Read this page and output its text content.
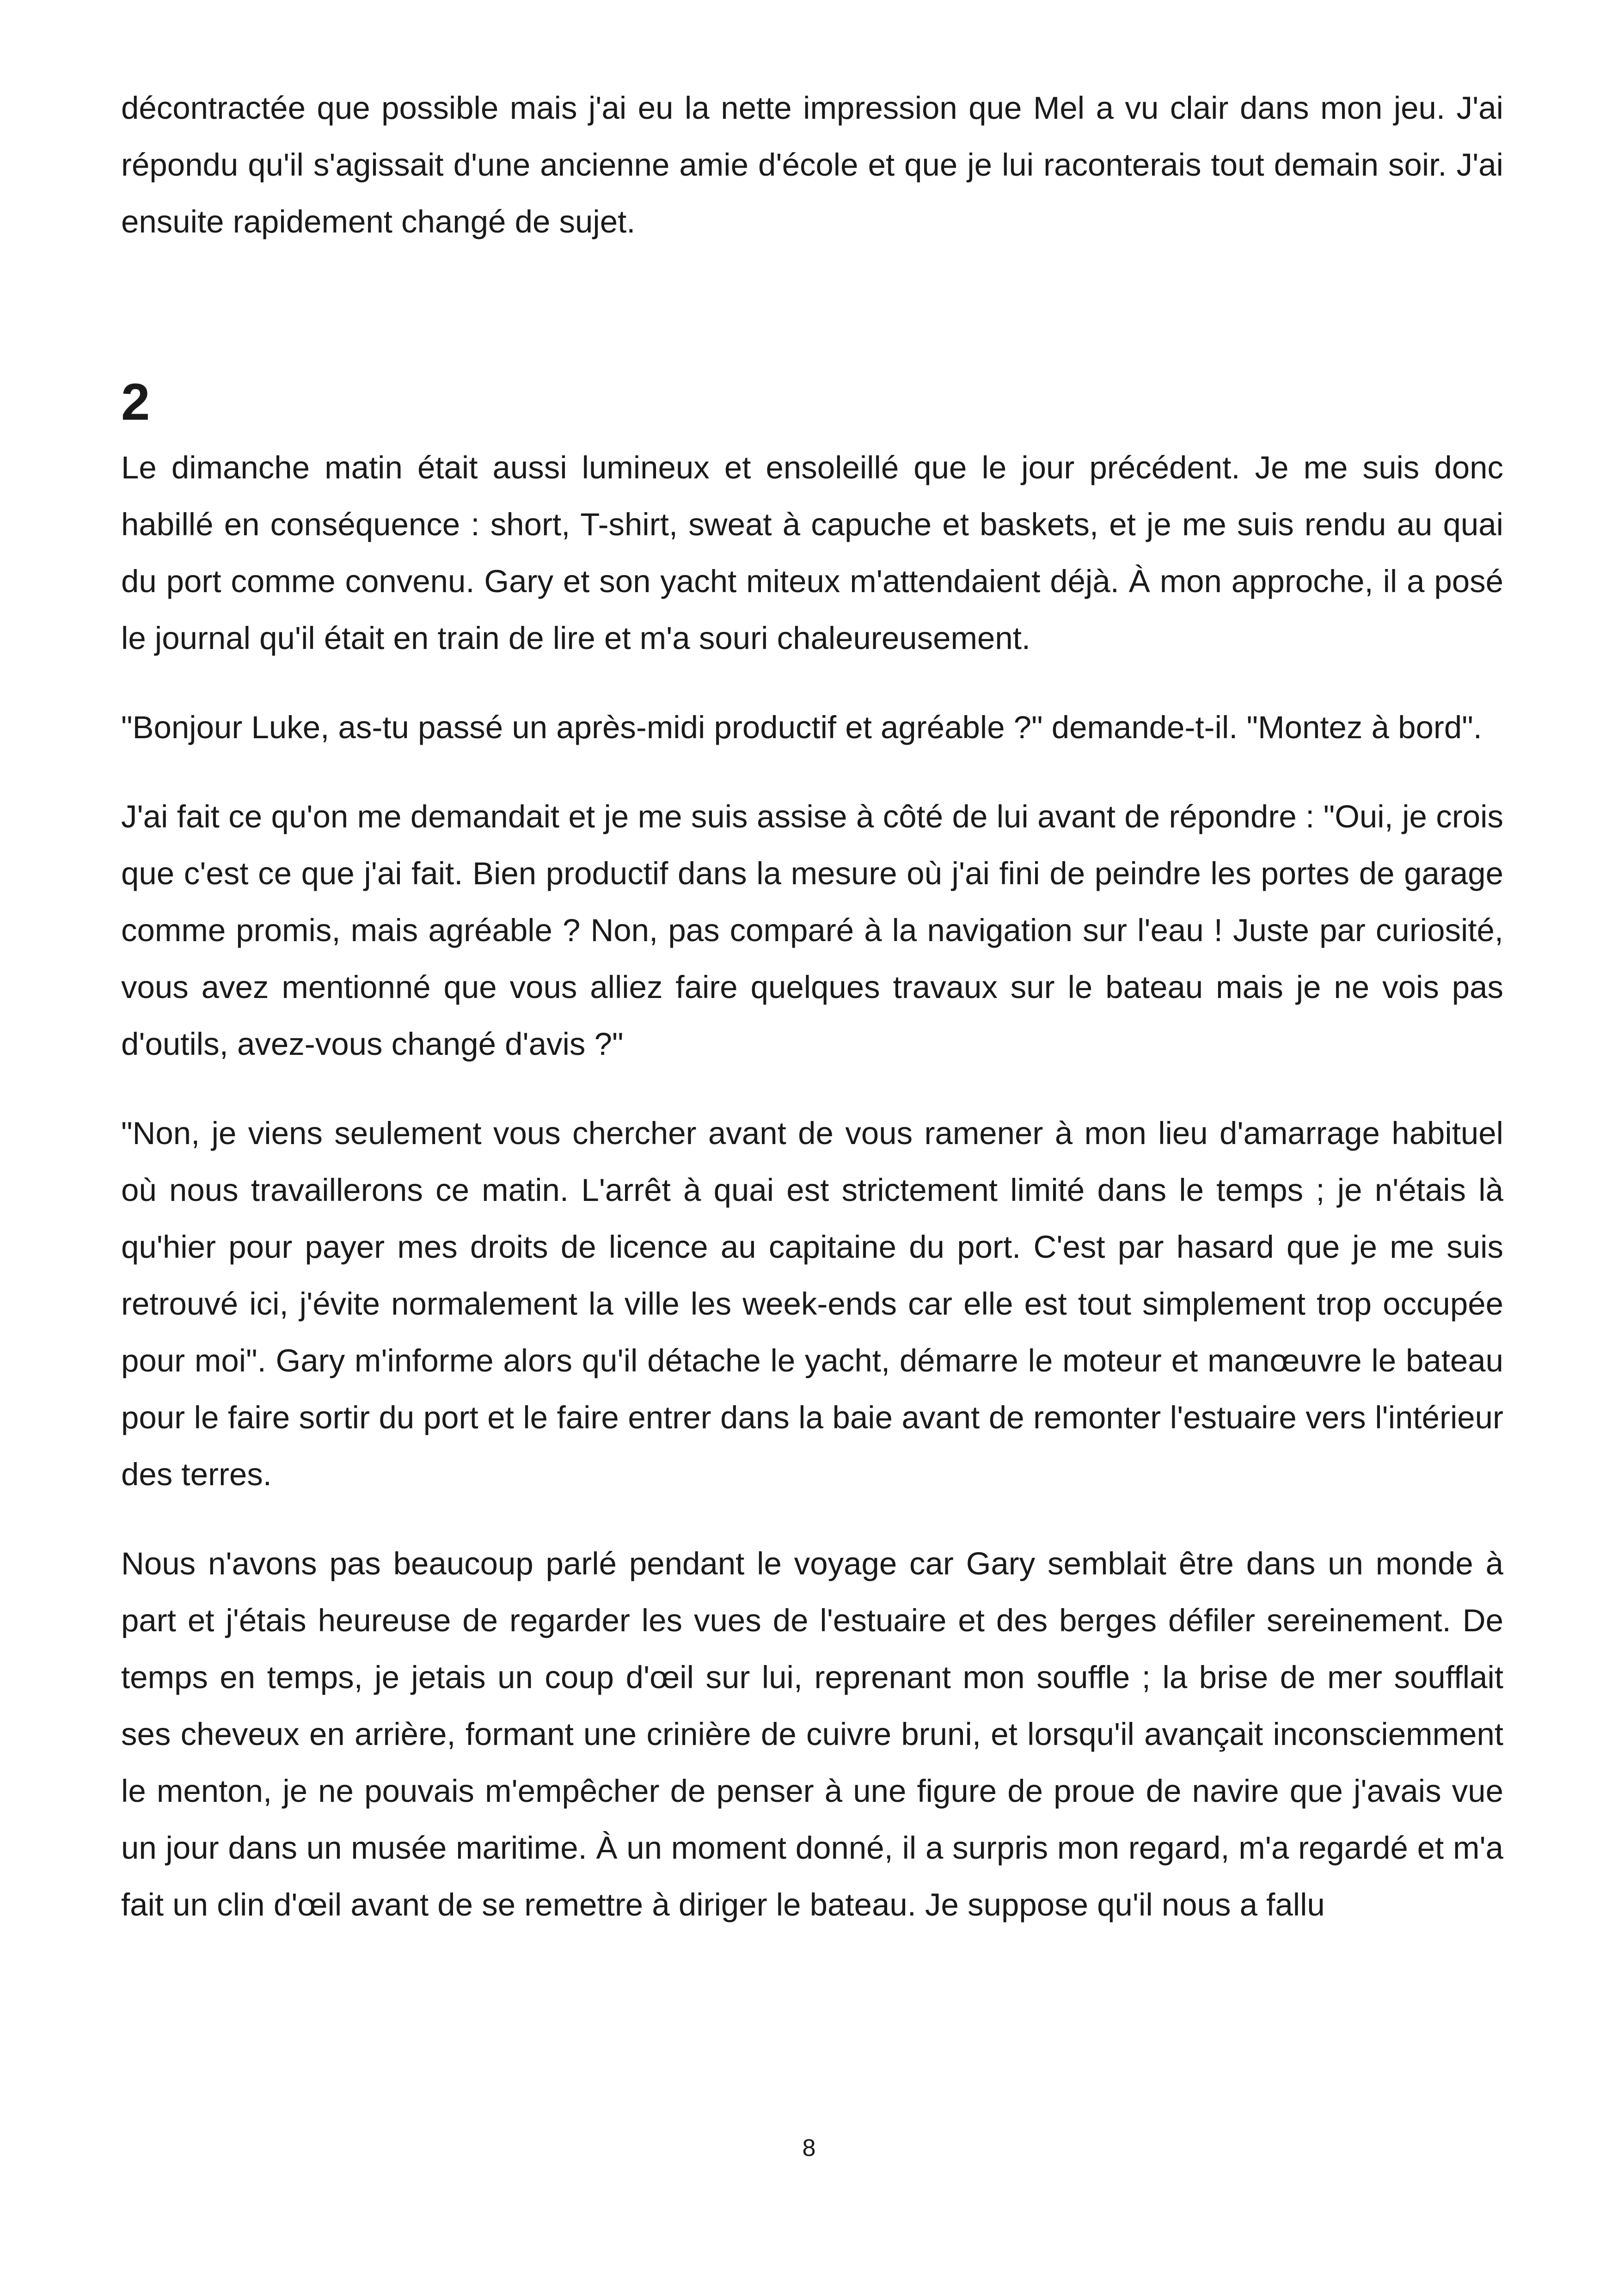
décontractée que possible mais j'ai eu la nette impression que Mel a vu clair dans mon jeu. J'ai répondu qu'il s'agissait d'une ancienne amie d'école et que je lui raconterais tout demain soir. J'ai ensuite rapidement changé de sujet.

2

Le dimanche matin était aussi lumineux et ensoleillé que le jour précédent. Je me suis donc habillé en conséquence : short, T-shirt, sweat à capuche et baskets, et je me suis rendu au quai du port comme convenu. Gary et son yacht miteux m'attendaient déjà. À mon approche, il a posé le journal qu'il était en train de lire et m'a souri chaleureusement.

"Bonjour Luke, as-tu passé un après-midi productif et agréable ?" demande-t-il. "Montez à bord".

J'ai fait ce qu'on me demandait et je me suis assise à côté de lui avant de répondre : "Oui, je crois que c'est ce que j'ai fait. Bien productif dans la mesure où j'ai fini de peindre les portes de garage comme promis, mais agréable ? Non, pas comparé à la navigation sur l'eau ! Juste par curiosité, vous avez mentionné que vous alliez faire quelques travaux sur le bateau mais je ne vois pas d'outils, avez-vous changé d'avis ?"

"Non, je viens seulement vous chercher avant de vous ramener à mon lieu d'amarrage habituel où nous travaillerons ce matin. L'arrêt à quai est strictement limité dans le temps ; je n'étais là qu'hier pour payer mes droits de licence au capitaine du port. C'est par hasard que je me suis retrouvé ici, j'évite normalement la ville les week-ends car elle est tout simplement trop occupée pour moi". Gary m'informe alors qu'il détache le yacht, démarre le moteur et manœuvre le bateau pour le faire sortir du port et le faire entrer dans la baie avant de remonter l'estuaire vers l'intérieur des terres.

Nous n'avons pas beaucoup parlé pendant le voyage car Gary semblait être dans un monde à part et j'étais heureuse de regarder les vues de l'estuaire et des berges défiler sereinement. De temps en temps, je jetais un coup d'œil sur lui, reprenant mon souffle ; la brise de mer soufflait ses cheveux en arrière, formant une crinière de cuivre bruni, et lorsqu'il avançait inconsciemment le menton, je ne pouvais m'empêcher de penser à une figure de proue de navire que j'avais vue un jour dans un musée maritime. À un moment donné, il a surpris mon regard, m'a regardé et m'a fait un clin d'œil avant de se remettre à diriger le bateau. Je suppose qu'il nous a fallu

8
